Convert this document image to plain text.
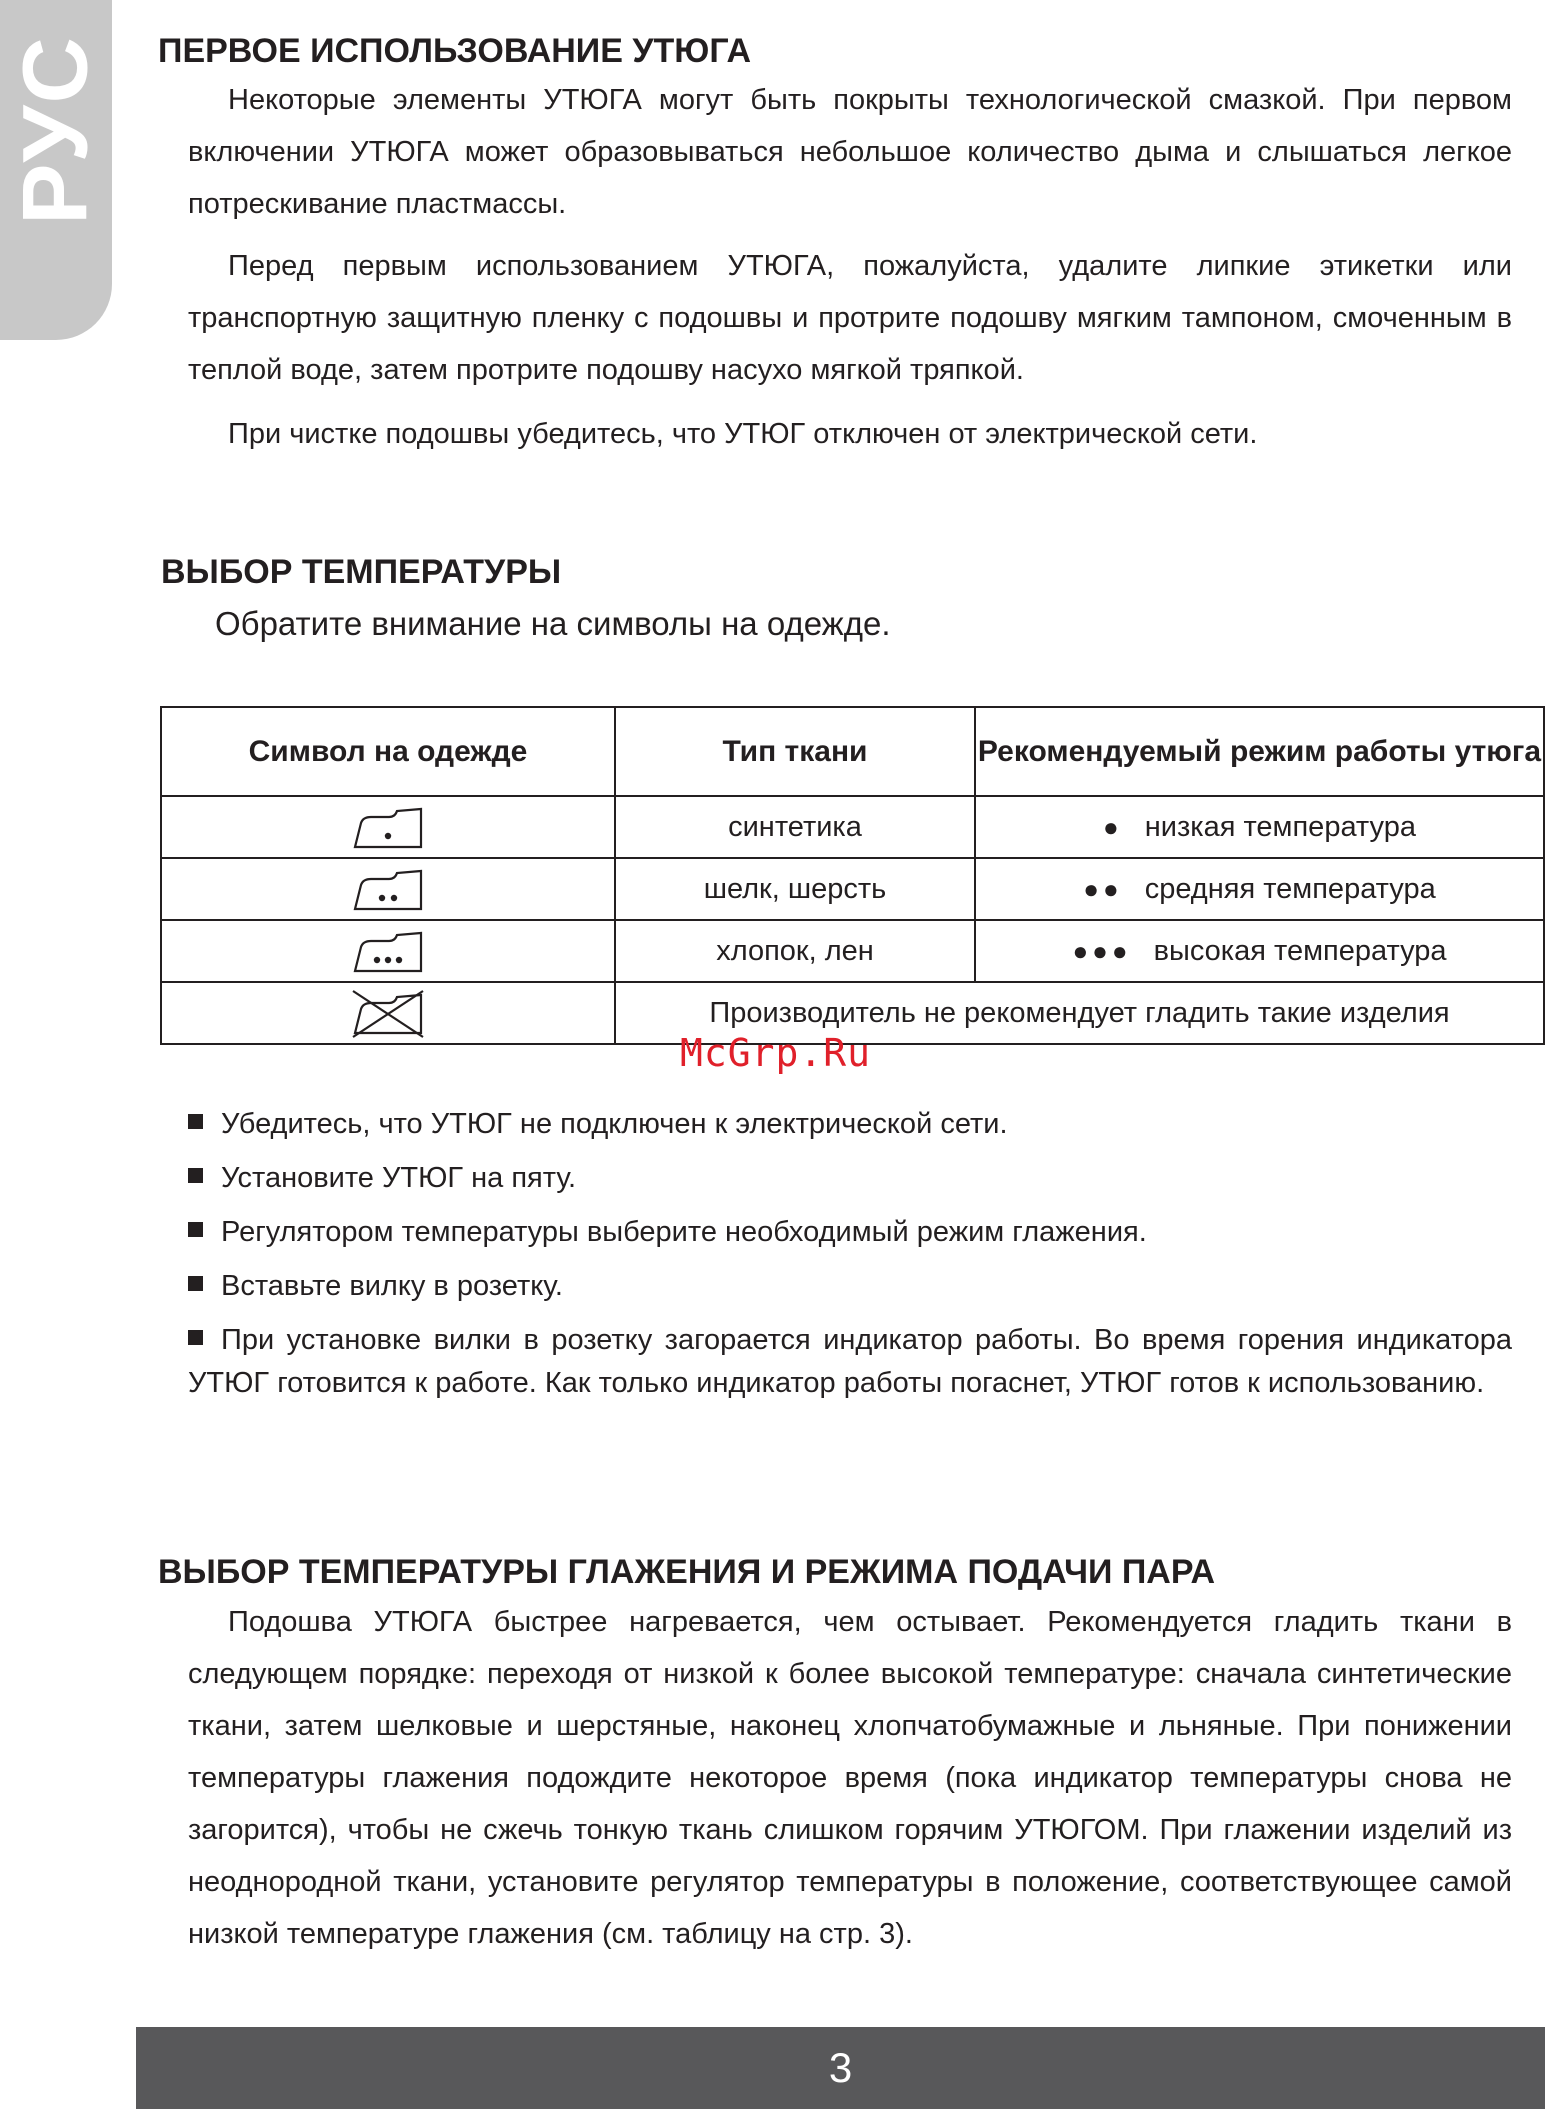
РУС ПЕРВОЕ ИСПОЛЬЗОВАНИЕ УТЮГА

Некоторые элементы УТЮГА могут быть покрыты технологической смазкой. При первом включении УТЮГА может образовываться небольшое количество дыма и слышаться легкое потрескивание пластмассы.

Перед первым использованием УТЮГА, пожалуйста, удалите липкие этикетки или транспортную защитную пленку с подошвы и протрите подошву мягким тампоном, смоченным в теплой воде, затем протрите подошву насухо мягкой тряпкой.

При чистке подошвы убедитесь, что УТЮГ отключен от электрической сети.

ВЫБОР ТЕМПЕРАТУРЫ

Обратите внимание на символы на одежде.

Символ на одежде	Тип ткани	Рекомендуемый режим работы утюга
	синтетика	● низкая температура

	шелк, шерсть	●● средняя температура

	хлопок, лен	●●● высокая температура

	Производитель не рекомендует гладить такие изделия	
McGrp.Ru
Убедитесь, что УТЮГ не подключен к электрической сети.
Установите УТЮГ на пяту.
Регулятором температуры выберите необходимый режим глажения.
Вставьте вилку в розетку.
При установке вилки в розетку загорается индикатор работы. Во время горения индикатора УТЮГ готовится к работе. Как только индикатор работы погаснет, УТЮГ готов к использованию.
ВЫБОР ТЕМПЕРАТУРЫ ГЛАЖЕНИЯ И РЕЖИМА ПОДАЧИ ПАРА

Подошва УТЮГА быстрее нагревается, чем остывает. Рекомендуется гладить ткани в следующем порядке: переходя от низкой к более высокой температуре: сначала синтетические ткани, затем шелковые и шерстяные, наконец хлопчатобумажные и льняные. При понижении температуры глажения подождите некоторое время (пока индикатор температуры снова не загорится), чтобы не сжечь тонкую ткань слишком горячим УТЮГОМ. При глажении изделий из неоднородной ткани, установите регулятор температуры в положение, соответствующее самой низкой температуре глажения (см. таблицу на стр. 3).

3
